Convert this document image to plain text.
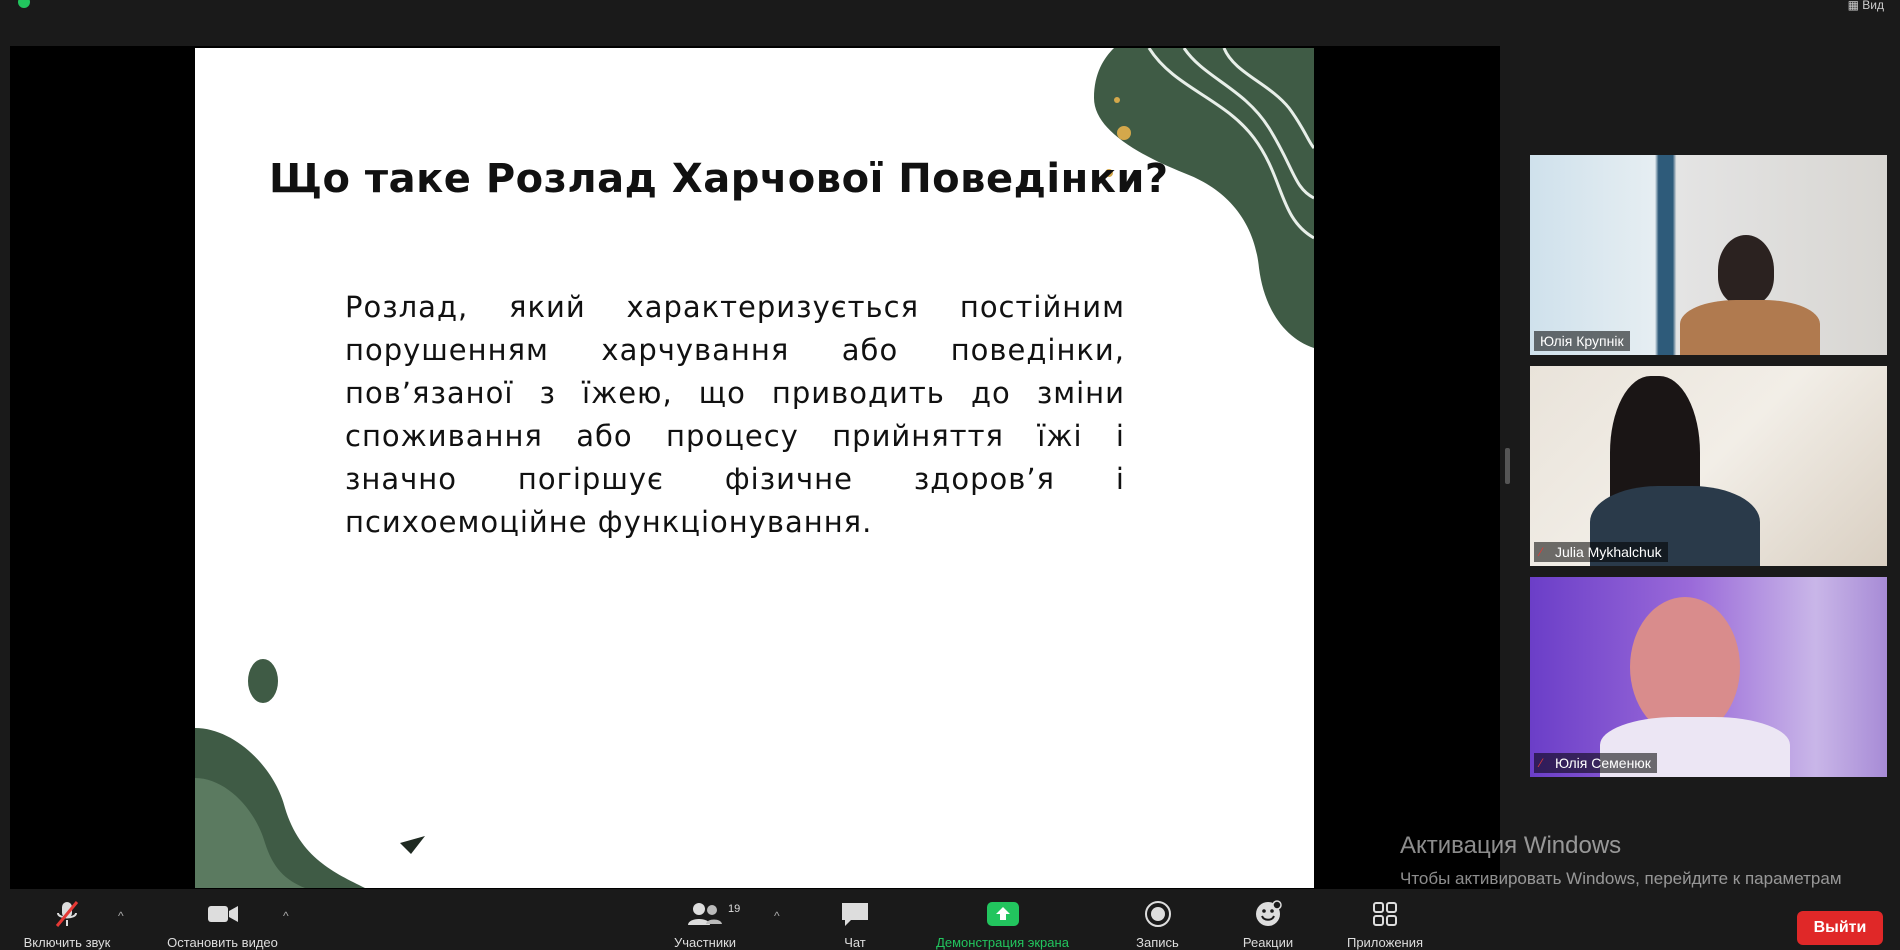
▦ Вид
Що таке Розлад Харчової Поведінки?
Розлад, який характеризується постійним порушенням харчування або поведінки, пов’язаної з їжею, що приводить до зміни споживання або процесу прийняття їжі і значно погіршує фізичне здоров’я і психоемоційне функціонування.
Юлія Крупнік
⁄ Julia Mykhalchuk
⁄ Юлія Семенюк
Активация Windows
Чтобы активировать Windows, перейдите к параметрам
Включить звук
^
Остановить видео
^
Участники
19	^
Чат	Демонстрация экрана	Запись	Реакции	Приложения
Выйти
